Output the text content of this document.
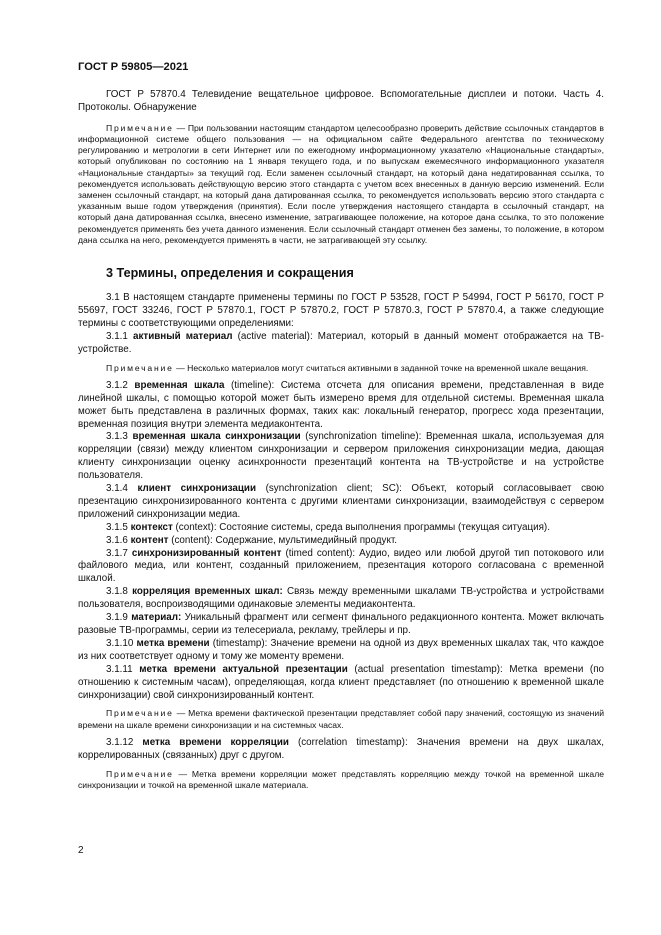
ГОСТ Р 59805—2021

ГОСТ Р 57870.4 Телевидение вещательное цифровое. Вспомогательные дисплеи и потоки. Часть 4. Протоколы. Обнаружение

Примечание — При пользовании настоящим стандартом целесообразно проверить действие ссылочных стандартов в информационной системе общего пользования — на официальном сайте Федерального агентства по техническому регулированию и метрологии в сети Интернет или по ежегодному информационному указателю «Национальные стандарты», который опубликован по состоянию на 1 января текущего года, и по выпускам ежемесячного информационного указателя «Национальные стандарты» за текущий год. Если заменен ссылочный стандарт, на который дана недатированная ссылка, то рекомендуется использовать действующую версию этого стандарта с учетом всех внесенных в данную версию изменений. Если заменен ссылочный стандарт, на который дана датированная ссылка, то рекомендуется использовать версию этого стандарта с указанным выше годом утверждения (принятия). Если после утверждения настоящего стандарта в ссылочный стандарт, на который дана датированная ссылка, внесено изменение, затрагивающее положение, на которое дана ссылка, то это положение рекомендуется применять без учета данного изменения. Если ссылочный стандарт отменен без замены, то положение, в котором дана ссылка на него, рекомендуется применять в части, не затрагивающей эту ссылку.

3 Термины, определения и сокращения

3.1 В настоящем стандарте применены термины по ГОСТ Р 53528, ГОСТ Р 54994, ГОСТ Р 56170, ГОСТ Р 55697, ГОСТ 33246, ГОСТ Р 57870.1, ГОСТ Р 57870.2, ГОСТ Р 57870.3, ГОСТ Р 57870.4, а также следующие термины с соответствующими определениями:

3.1.1 активный материал (active material): Материал, который в данный момент отображается на ТВ-устройстве.

Примечание — Несколько материалов могут считаться активными в заданной точке на временной шкале вещания.

3.1.2 временная шкала (timeline): Система отсчета для описания времени, представленная в виде линейной шкалы, с помощью которой может быть измерено время для отдельной системы. Временная шкала может быть представлена в различных формах, таких как: локальный генератор, прогресс хода презентации, временная позиция внутри элемента медиаконтента.

3.1.3 временная шкала синхронизации (synchronization timeline): Временная шкала, используемая для корреляции (связи) между клиентом синхронизации и сервером приложения синхронизации медиа, дающая клиенту синхронизации оценку асинхронности презентаций контента на ТВ-устройстве и на устройстве пользователя.

3.1.4 клиент синхронизации (synchronization client; SC): Объект, который согласовывает свою презентацию синхронизированного контента с другими клиентами синхронизации, взаимодействуя с сервером приложений синхронизации медиа.

3.1.5 контекст (context): Состояние системы, среда выполнения программы (текущая ситуация).

3.1.6 контент (content): Содержание, мультимедийный продукт.

3.1.7 синхронизированный контент (timed content): Аудио, видео или любой другой тип потокового или файлового медиа, или контент, созданный приложением, презентация которого согласована с временной шкалой.

3.1.8 корреляция временных шкал: Связь между временными шкалами ТВ-устройства и устройствами пользователя, воспроизводящими одинаковые элементы медиаконтента.

3.1.9 материал: Уникальный фрагмент или сегмент финального редакционного контента. Может включать разовые ТВ-программы, серии из телесериала, рекламу, трейлеры и пр.

3.1.10 метка времени (timestamp): Значение времени на одной из двух временных шкалах так, что каждое из них соответствует одному и тому же моменту времени.

3.1.11 метка времени актуальной презентации (actual presentation timestamp): Метка времени (по отношению к системным часам), определяющая, когда клиент представляет (по отношению к временной шкале синхронизации) свой синхронизированный контент.

Примечание — Метка времени фактической презентации представляет собой пару значений, состоящую из значений времени на шкале времени синхронизации и на системных часах.

3.1.12 метка времени корреляции (correlation timestamp): Значения времени на двух шкалах, коррелированных (связанных) друг с другом.

Примечание — Метка времени корреляции может представлять корреляцию между точкой на временной шкале синхронизации и точкой на временной шкале материала.

2
